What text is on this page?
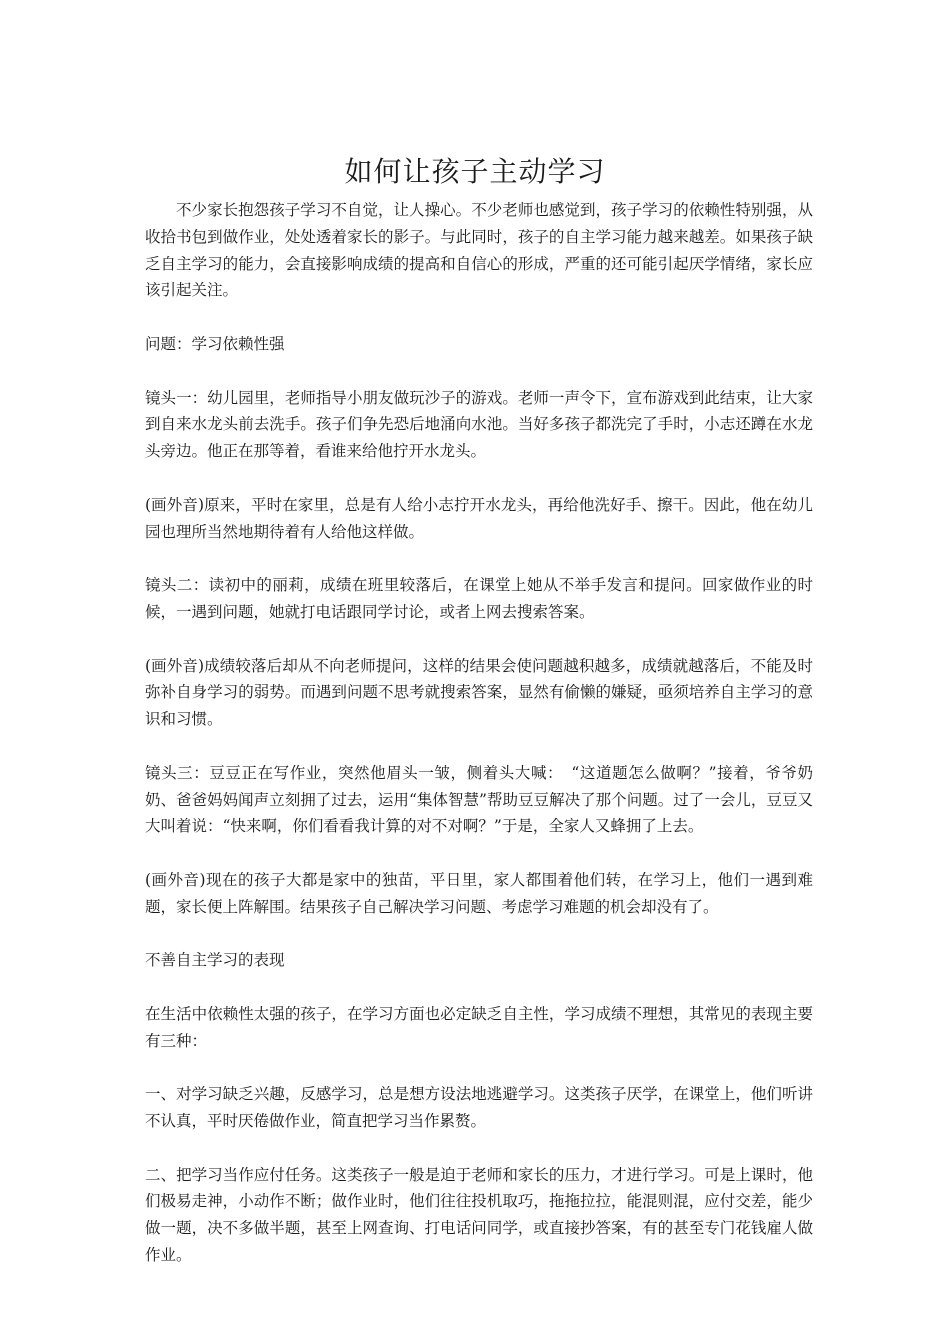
如何让孩子主动学习

不少家长抱怨孩子学习不自觉，让人操心。不少老师也感觉到，孩子学习的依赖性特别强，从收拾书包到做作业，处处透着家长的影子。与此同时，孩子的自主学习能力越来越差。如果孩子缺乏自主学习的能力，会直接影响成绩的提高和自信心的形成，严重的还可能引起厌学情绪，家长应该引起关注。

问题：学习依赖性强

镜头一：幼儿园里，老师指导小朋友做玩沙子的游戏。老师一声令下，宣布游戏到此结束，让大家到自来水龙头前去洗手。孩子们争先恐后地涌向水池。当好多孩子都洗完了手时，小志还蹲在水龙头旁边。他正在那等着，看谁来给他拧开水龙头。

(画外音)原来，平时在家里，总是有人给小志拧开水龙头，再给他洗好手、擦干。因此，他在幼儿园也理所当然地期待着有人给他这样做。

镜头二：读初中的丽莉，成绩在班里较落后，在课堂上她从不举手发言和提问。回家做作业的时候，一遇到问题，她就打电话跟同学讨论，或者上网去搜索答案。

(画外音)成绩较落后却从不向老师提问，这样的结果会使问题越积越多，成绩就越落后，不能及时弥补自身学习的弱势。而遇到问题不思考就搜索答案，显然有偷懒的嫌疑，亟须培养自主学习的意识和习惯。

镜头三：豆豆正在写作业，突然他眉头一皱，侧着头大喊：　“这道题怎么做啊？”接着，爷爷奶奶、爸爸妈妈闻声立刻拥了过去，运用“集体智慧”帮助豆豆解决了那个问题。过了一会儿，豆豆又大叫着说：“快来啊，你们看看我计算的对不对啊？”于是，全家人又蜂拥了上去。

(画外音)现在的孩子大都是家中的独苗，平日里，家人都围着他们转，在学习上，他们一遇到难题，家长便上阵解围。结果孩子自己解决学习问题、考虑学习难题的机会却没有了。

不善自主学习的表现

在生活中依赖性太强的孩子，在学习方面也必定缺乏自主性，学习成绩不理想，其常见的表现主要有三种：

一、对学习缺乏兴趣，反感学习，总是想方设法地逃避学习。这类孩子厌学，在课堂上，他们听讲不认真，平时厌倦做作业，简直把学习当作累赘。

二、把学习当作应付任务。这类孩子一般是迫于老师和家长的压力，才进行学习。可是上课时，他们极易走神，小动作不断；做作业时，他们往往投机取巧，拖拖拉拉，能混则混，应付交差，能少做一题，决不多做半题，甚至上网查询、打电话问同学，或直接抄答案，有的甚至专门花钱雇人做作业。
